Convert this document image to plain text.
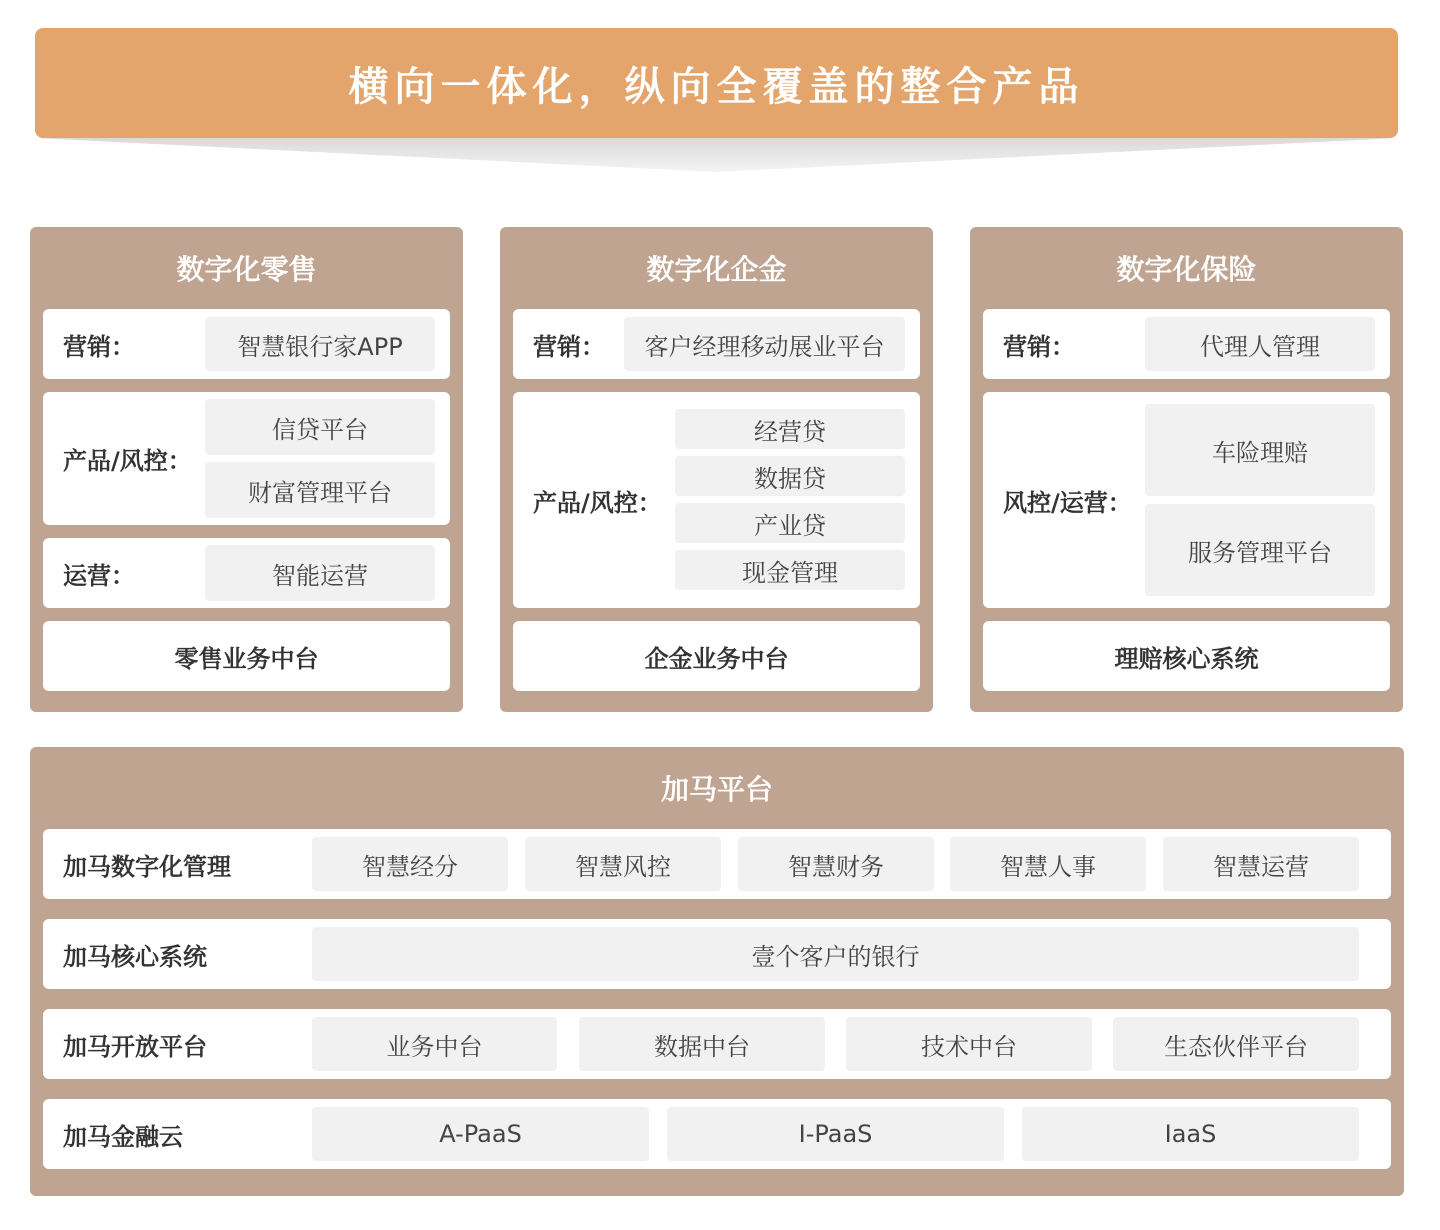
横向一体化，纵向全覆盖的整合产品
数字化零售
营销：	智慧银行家APP
产品/风控：
信贷平台
财富管理平台
运营：	智能运营
零售业务中台
数字化企金
营销：	客户经理移动展业平台
产品/风控：
经营贷
数据贷
产业贷
现金管理
企金业务中台
数字化保险
营销：	代理人管理
风控/运营：
车险理赔
服务管理平台
理赔核心系统
加马平台
加马数字化管理	智慧经分	智慧风控	智慧财务	智慧人事	智慧运营
加马核心系统	壹个客户的银行
加马开放平台	业务中台	数据中台	技术中台	生态伙伴平台
加马金融云	A-PaaS	I-PaaS	IaaS
